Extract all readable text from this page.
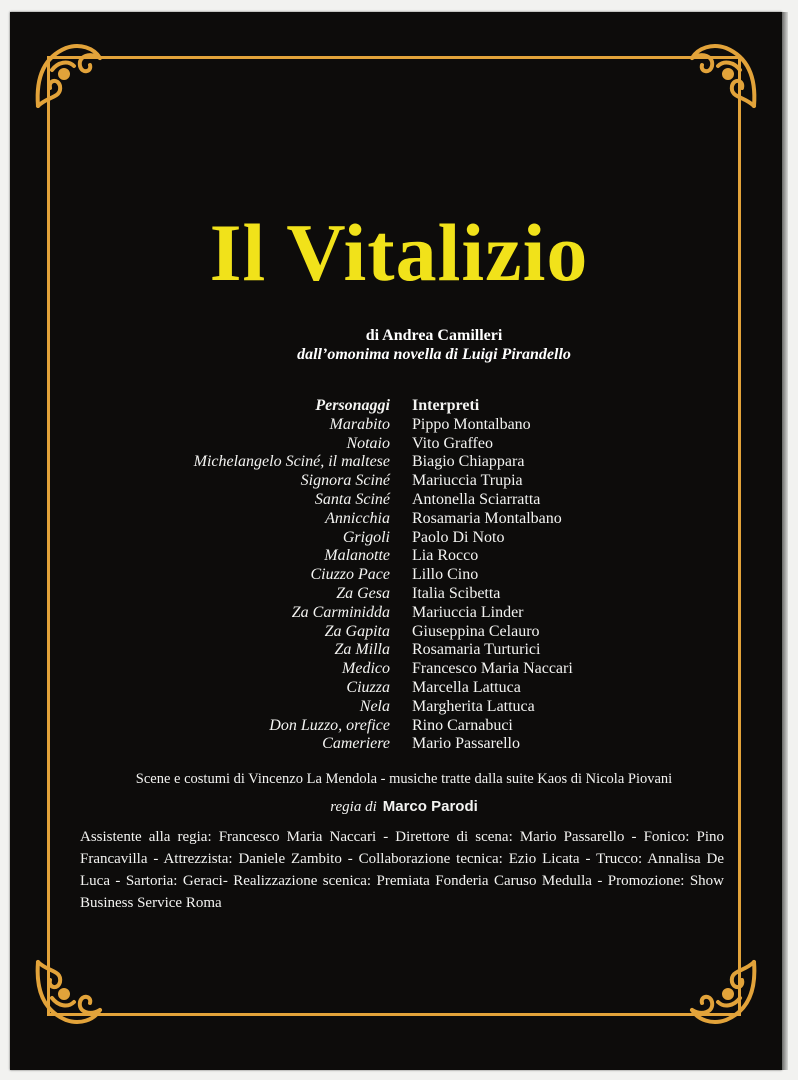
Il Vitalizio
di Andrea Camilleri
dall’omonima novella di Luigi Pirandello
Personaggi Interpreti
Marabito Pippo Montalbano
Notaio Vito Graffeo
Michelangelo Sciné, il maltese Biagio Chiappara
Signora Sciné Mariuccia Trupia
Santa Sciné Antonella Sciarratta
Annicchia Rosamaria Montalbano
Grigoli Paolo Di Noto
Malanotte Lia Rocco
Ciuzzo Pace Lillo Cino
Za Gesa Italia Scibetta
Za Carminidda Mariuccia Linder
Za Gapita Giuseppina Celauro
Za Milla Rosamaria Turturici
Medico Francesco Maria Naccari
Ciuzza Marcella Lattuca
Nela Margherita Lattuca
Don Luzzo, orefice Rino Carnabuci
Cameriere Mario Passarello
Scene e costumi di Vincenzo La Mendola - musiche tratte dalla suite Kaos di Nicola Piovani
regia di Marco Parodi
Assistente alla regia: Francesco Maria Naccari - Direttore di scena: Mario Passarello - Fonico: Pino Francavilla - Attrezzista: Daniele Zambito - Collaborazione tecnica: Ezio Licata - Trucco: Annalisa De Luca - Sartoria: Geraci- Realizzazione scenica: Premiata Fonderia Caruso Medulla - Promozione: Show Business Service Roma
